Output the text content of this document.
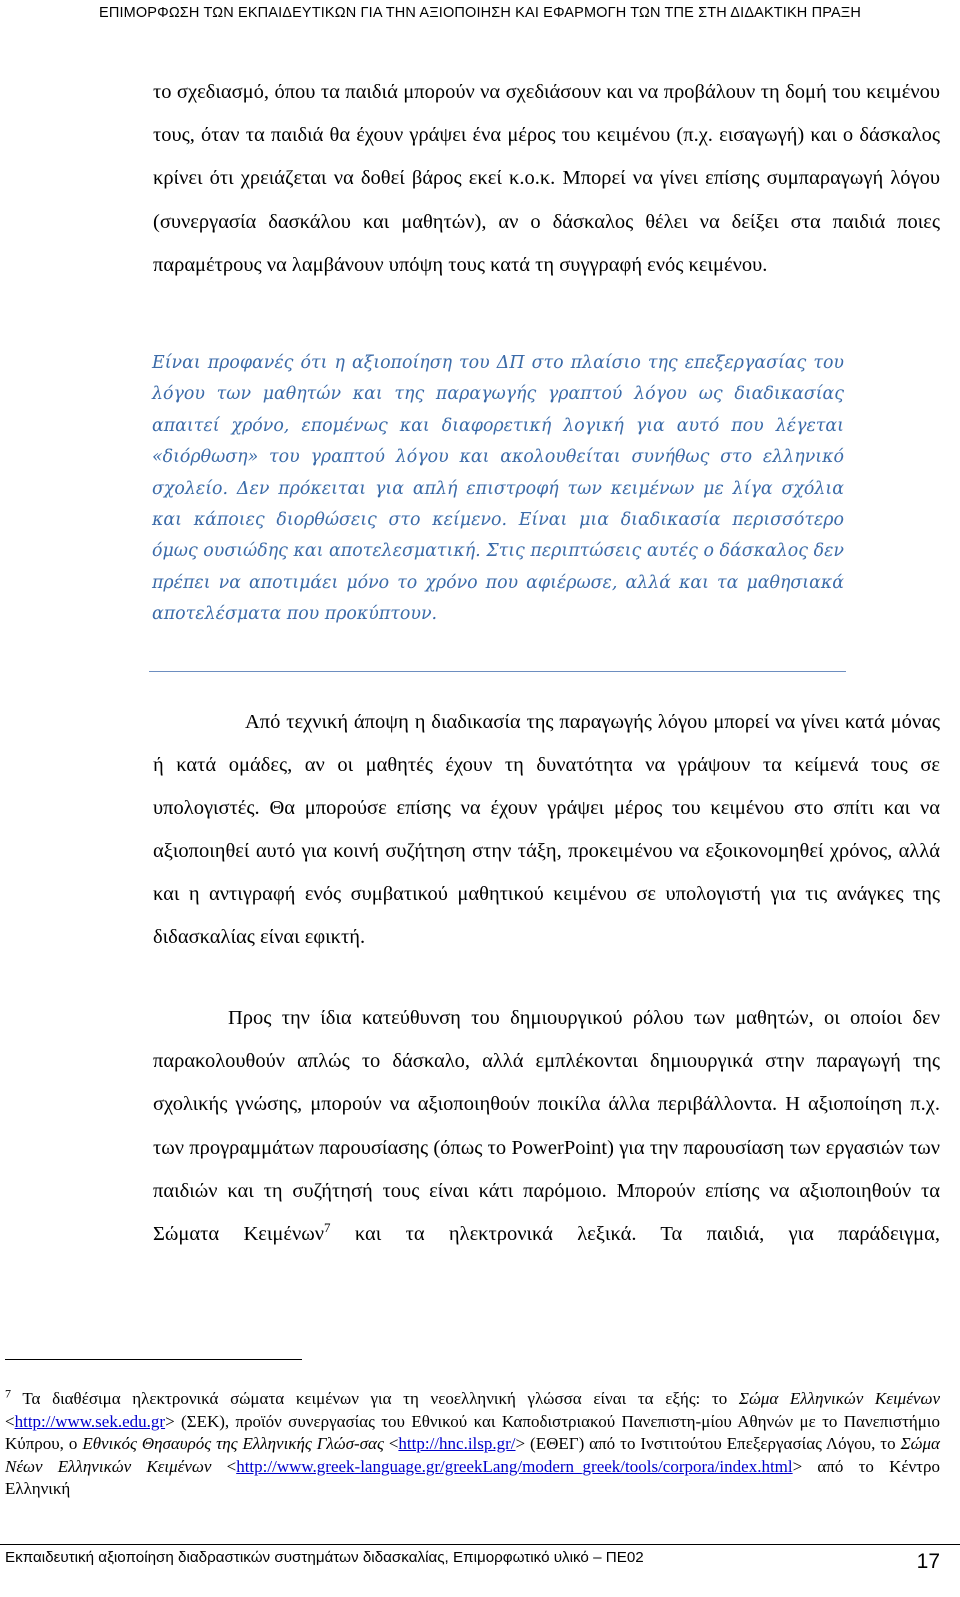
ΕΠΙΜΟΡΦΩΣΗ ΤΩΝ ΕΚΠΑΙΔΕΥΤΙΚΩΝ ΓΙΑ ΤΗΝ ΑΞΙΟΠΟΙΗΣΗ ΚΑΙ ΕΦΑΡΜΟΓΗ ΤΩΝ ΤΠΕ ΣΤΗ ΔΙΔΑΚΤΙΚΗ ΠΡΑΞΗ

το σχεδιασμό, όπου τα παιδιά μπορούν να σχεδιάσουν και να προβάλουν τη δομή του κειμένου τους, όταν τα παιδιά θα έχουν γράψει ένα μέρος του κειμένου (π.χ. εισαγωγή) και ο δάσκαλος κρίνει ότι χρειάζεται να δοθεί βάρος εκεί κ.ο.κ. Μπορεί να γίνει επίσης συμπαραγωγή λόγου (συνεργασία δασκάλου και μαθητών), αν ο δάσκαλος θέλει να δείξει στα παιδιά ποιες παραμέτρους να λαμβάνουν υπόψη τους κατά τη συγγραφή ενός κειμένου.

Είναι προφανές ότι η αξιοποίηση του ΔΠ στο πλαίσιο της επεξεργασίας του λόγου των μαθητών και της παραγωγής γραπτού λόγου ως διαδικασίας απαιτεί χρόνο, επομένως και διαφορετική λογική για αυτό που λέγεται «διόρθωση» του γραπτού λόγου και ακολουθείται συνήθως στο ελληνικό σχολείο. Δεν πρόκειται για απλή επιστροφή των κειμένων με λίγα σχόλια και κάποιες διορθώσεις στο κείμενο. Είναι μια διαδικασία περισσότερο όμως ουσιώδης και αποτελεσματική. Στις περιπτώσεις αυτές ο δάσκαλος δεν πρέπει να αποτιμάει μόνο το χρόνο που αφιέρωσε, αλλά και τα μαθησιακά αποτελέσματα που προκύπτουν.

Από τεχνική άποψη η διαδικασία της παραγωγής λόγου μπορεί να γίνει κατά μόνας ή κατά ομάδες, αν οι μαθητές έχουν τη δυνατότητα να γράψουν τα κείμενά τους σε υπολογιστές. Θα μπορούσε επίσης να έχουν γράψει μέρος του κειμένου στο σπίτι και να αξιοποιηθεί αυτό για κοινή συζήτηση στην τάξη, προκειμένου να εξοικονομηθεί χρόνος, αλλά και η αντιγραφή ενός συμβατικού μαθητικού κειμένου σε υπολογιστή για τις ανάγκες της διδασκαλίας είναι εφικτή.

Προς την ίδια κατεύθυνση του δημιουργικού ρόλου των μαθητών, οι οποίοι δεν παρακολουθούν απλώς το δάσκαλο, αλλά εμπλέκονται δημιουργικά στην παραγωγή της σχολικής γνώσης, μπορούν να αξιοποιηθούν ποικίλα άλλα περιβάλλοντα. Η αξιοποίηση π.χ. των προγραμμάτων παρουσίασης (όπως το PowerPoint) για την παρουσίαση των εργασιών των παιδιών και τη συζήτησή τους είναι κάτι παρόμοιο. Μπορούν επίσης να αξιοποιηθούν τα Σώματα Κειμένων$^7$ και τα ηλεκτρονικά λεξικά. Τα παιδιά, για παράδειγμα,

$^7$ Τα διαθέσιμα ηλεκτρονικά σώματα κειμένων για τη νεοελληνική γλώσσα είναι τα εξής: το Σώμα Ελληνικών Κειμένων <http://www.sek.edu.gr> (ΣΕΚ), προϊόν συνεργασίας του Εθνικού και Καποδιστριακού Πανεπιστη-μίου Αθηνών με το Πανεπιστήμιο Κύπρου, ο Εθνικός Θησαυρός της Ελληνικής Γλώσ-σας <http://hnc.ilsp.gr/> (ΕΘΕΓ) από το Ινστιτούτου Επεξεργασίας Λόγου, το Σώμα Νέων Ελληνικών Κειμένων <http://www.greek-language.gr/greekLang/modern_greek/tools/corpora/index.html> από το Κέντρο Ελληνική

Εκπαιδευτική αξιοποίηση διαδραστικών συστημάτων διδασκαλίας, Επιμορφωτικό υλικό – ΠΕ02	17
